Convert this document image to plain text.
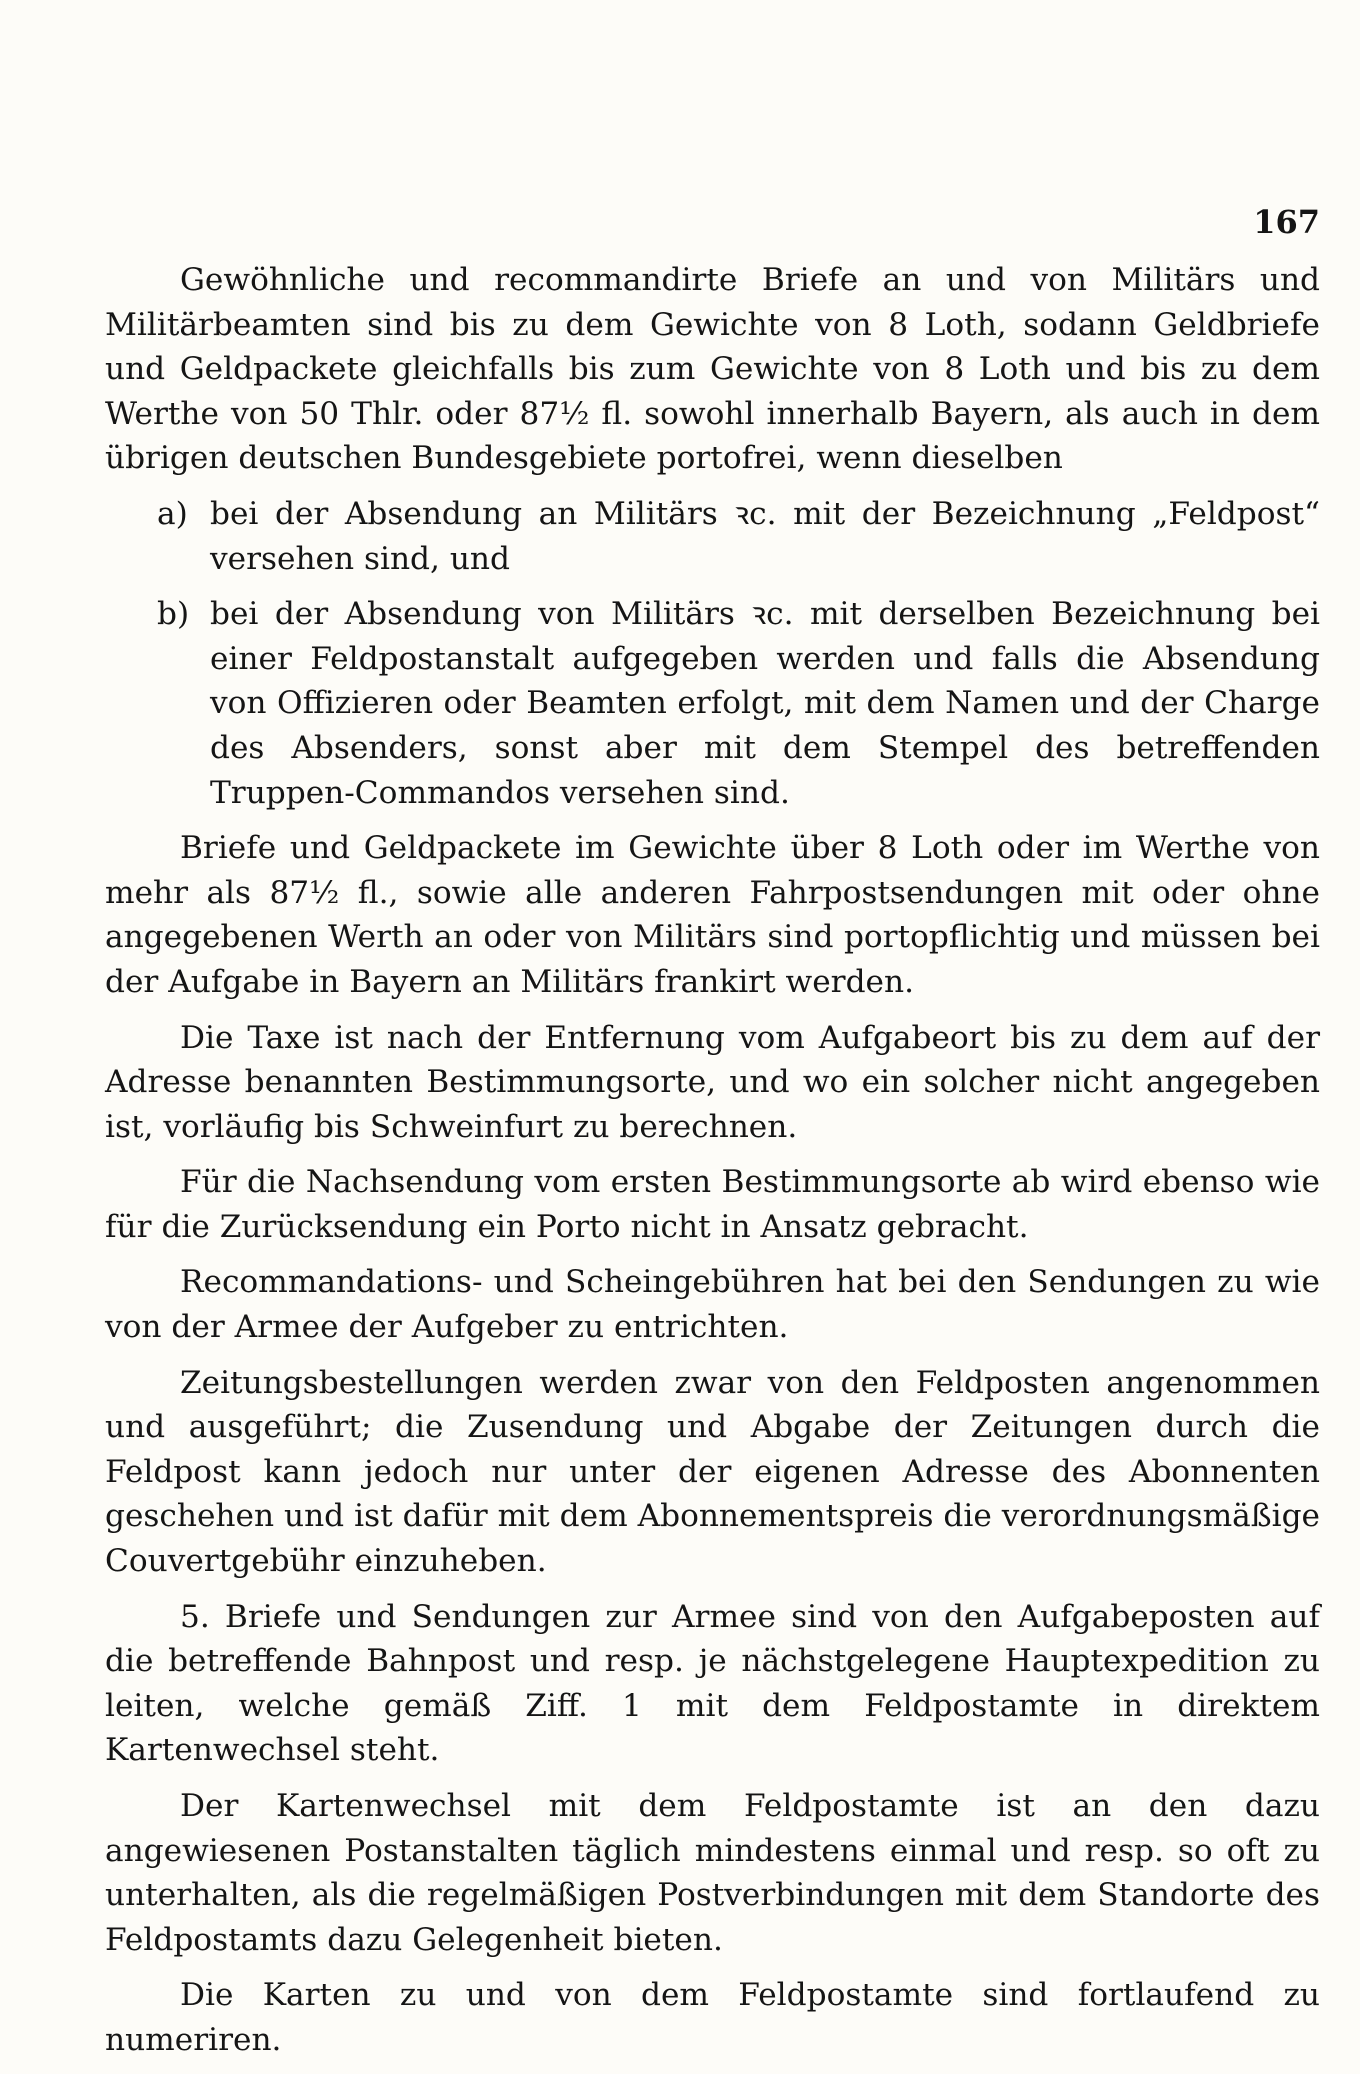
167

Gewöhnliche und recommandirte Briefe an und von Militärs und Militärbeamten sind bis zu dem Gewichte von 8 Loth, sodann Geldbriefe und Geldpackete gleichfalls bis zum Gewichte von 8 Loth und bis zu dem Werthe von 50 Thlr. oder 87½ fl. sowohl innerhalb Bayern, als auch in dem übrigen deutschen Bundesgebiete portofrei, wenn dieselben

a) bei der Absendung an Militärs ꝛc. mit der Bezeichnung „Feldpost“ versehen sind, und
b) bei der Absendung von Militärs ꝛc. mit derselben Bezeichnung bei einer Feldpostanstalt aufgegeben werden und falls die Absendung von Offizieren oder Beamten erfolgt, mit dem Namen und der Charge des Absenders, sonst aber mit dem Stempel des betreffenden Truppen-Commandos versehen sind.

Briefe und Geldpackete im Gewichte über 8 Loth oder im Werthe von mehr als 87½ fl., sowie alle anderen Fahrpostsendungen mit oder ohne angegebenen Werth an oder von Militärs sind portopflichtig und müssen bei der Aufgabe in Bayern an Militärs frankirt werden.

Die Taxe ist nach der Entfernung vom Aufgabeort bis zu dem auf der Adresse benannten Bestimmungsorte, und wo ein solcher nicht angegeben ist, vorläufig bis Schweinfurt zu berechnen.

Für die Nachsendung vom ersten Bestimmungsorte ab wird ebenso wie für die Zurücksendung ein Porto nicht in Ansatz gebracht.

Recommandations- und Scheingebühren hat bei den Sendungen zu wie von der Armee der Aufgeber zu entrichten.

Zeitungsbestellungen werden zwar von den Feldposten angenommen und ausgeführt; die Zusendung und Abgabe der Zeitungen durch die Feldpost kann jedoch nur unter der eigenen Adresse des Abonnenten geschehen und ist dafür mit dem Abonnementspreis die verordnungsmäßige Couvertgebühr einzuheben.

5. Briefe und Sendungen zur Armee sind von den Aufgabeposten auf die betreffende Bahnpost und resp. je nächstgelegene Hauptexpedition zu leiten, welche gemäß Ziff. 1 mit dem Feldpostamte in direktem Kartenwechsel steht.

Der Kartenwechsel mit dem Feldpostamte ist an den dazu angewiesenen Postanstalten täglich mindestens einmal und resp. so oft zu unterhalten, als die regelmäßigen Postverbindungen mit dem Standorte des Feldpostamts dazu Gelegenheit bieten.

Die Karten zu und von dem Feldpostamte sind fortlaufend zu numeriren.
